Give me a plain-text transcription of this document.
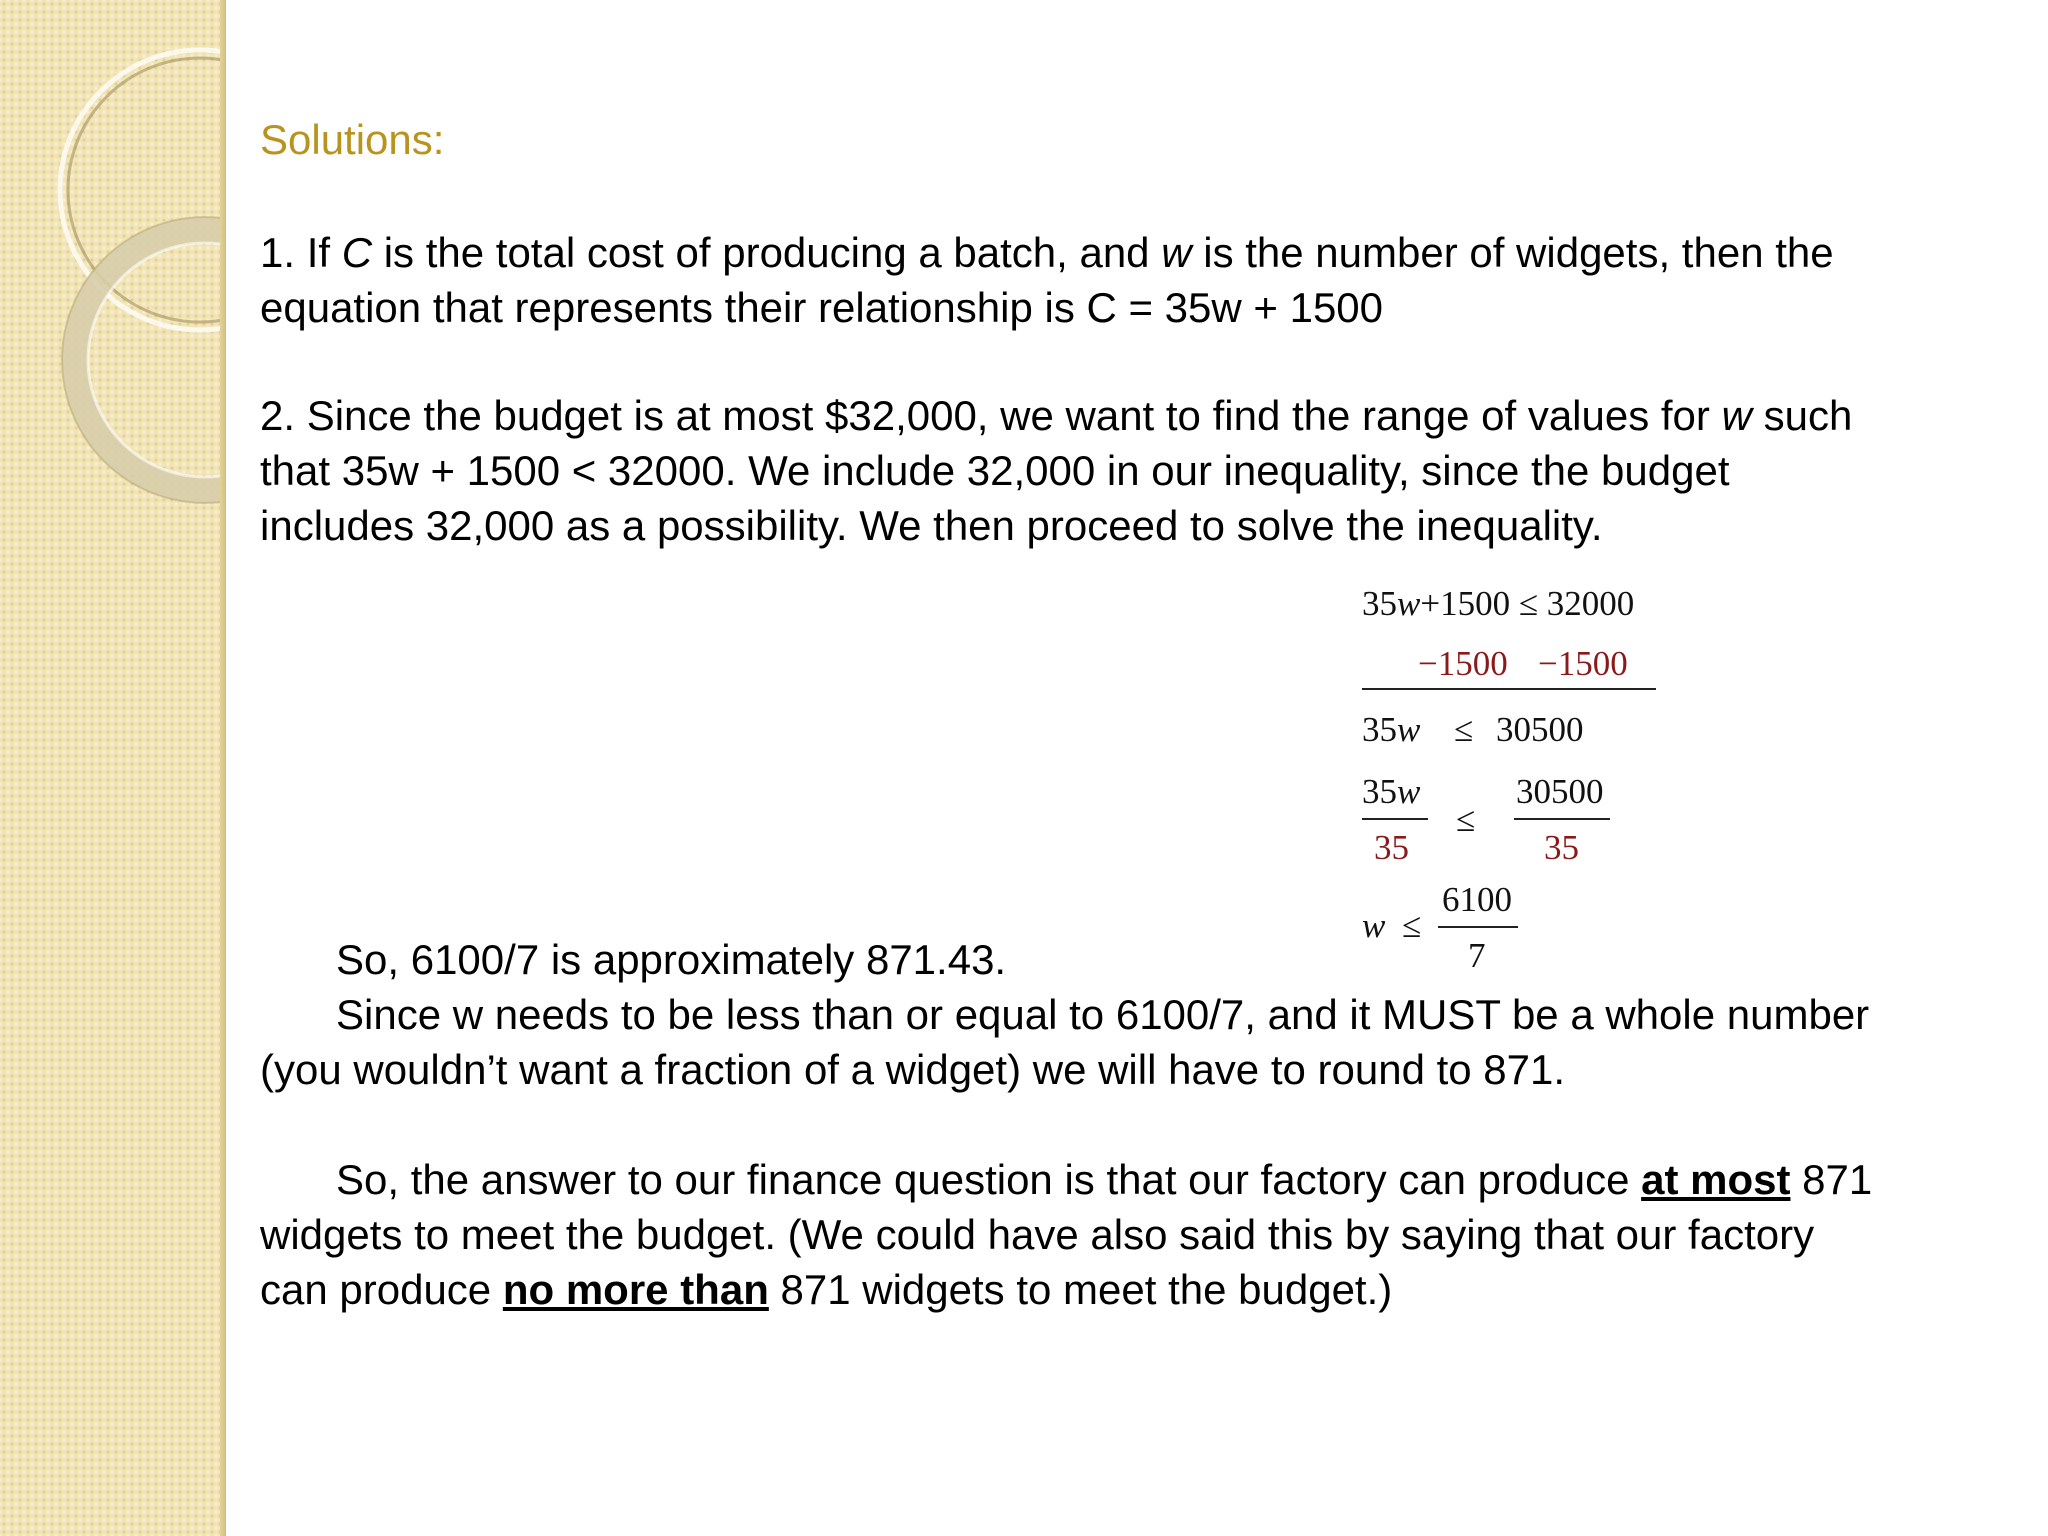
Solutions:
1. If C is the total cost of producing a batch, and w is the number of widgets, then the
equation that represents their relationship is C = 35w + 1500
2. Since the budget is at most $32,000, we want to find the range of values for w such
that 35w + 1500 < 32000. We include 32,000 in our inequality, since the budget
includes 32,000 as a possibility. We then proceed to solve the inequality.
35w+1500 ≤ 32000
−1500 −1500
35w ≤ 30500
35w
35
≤
30500
35
w ≤
6100
7
So, 6100/7 is approximately 871.43.
Since w needs to be less than or equal to 6100/7, and it MUST be a whole number
(you wouldn’t want a fraction of a widget) we will have to round to 871.
So, the answer to our finance question is that our factory can produce at most 871
widgets to meet the budget. (We could have also said this by saying that our factory
can produce no more than 871 widgets to meet the budget.)
